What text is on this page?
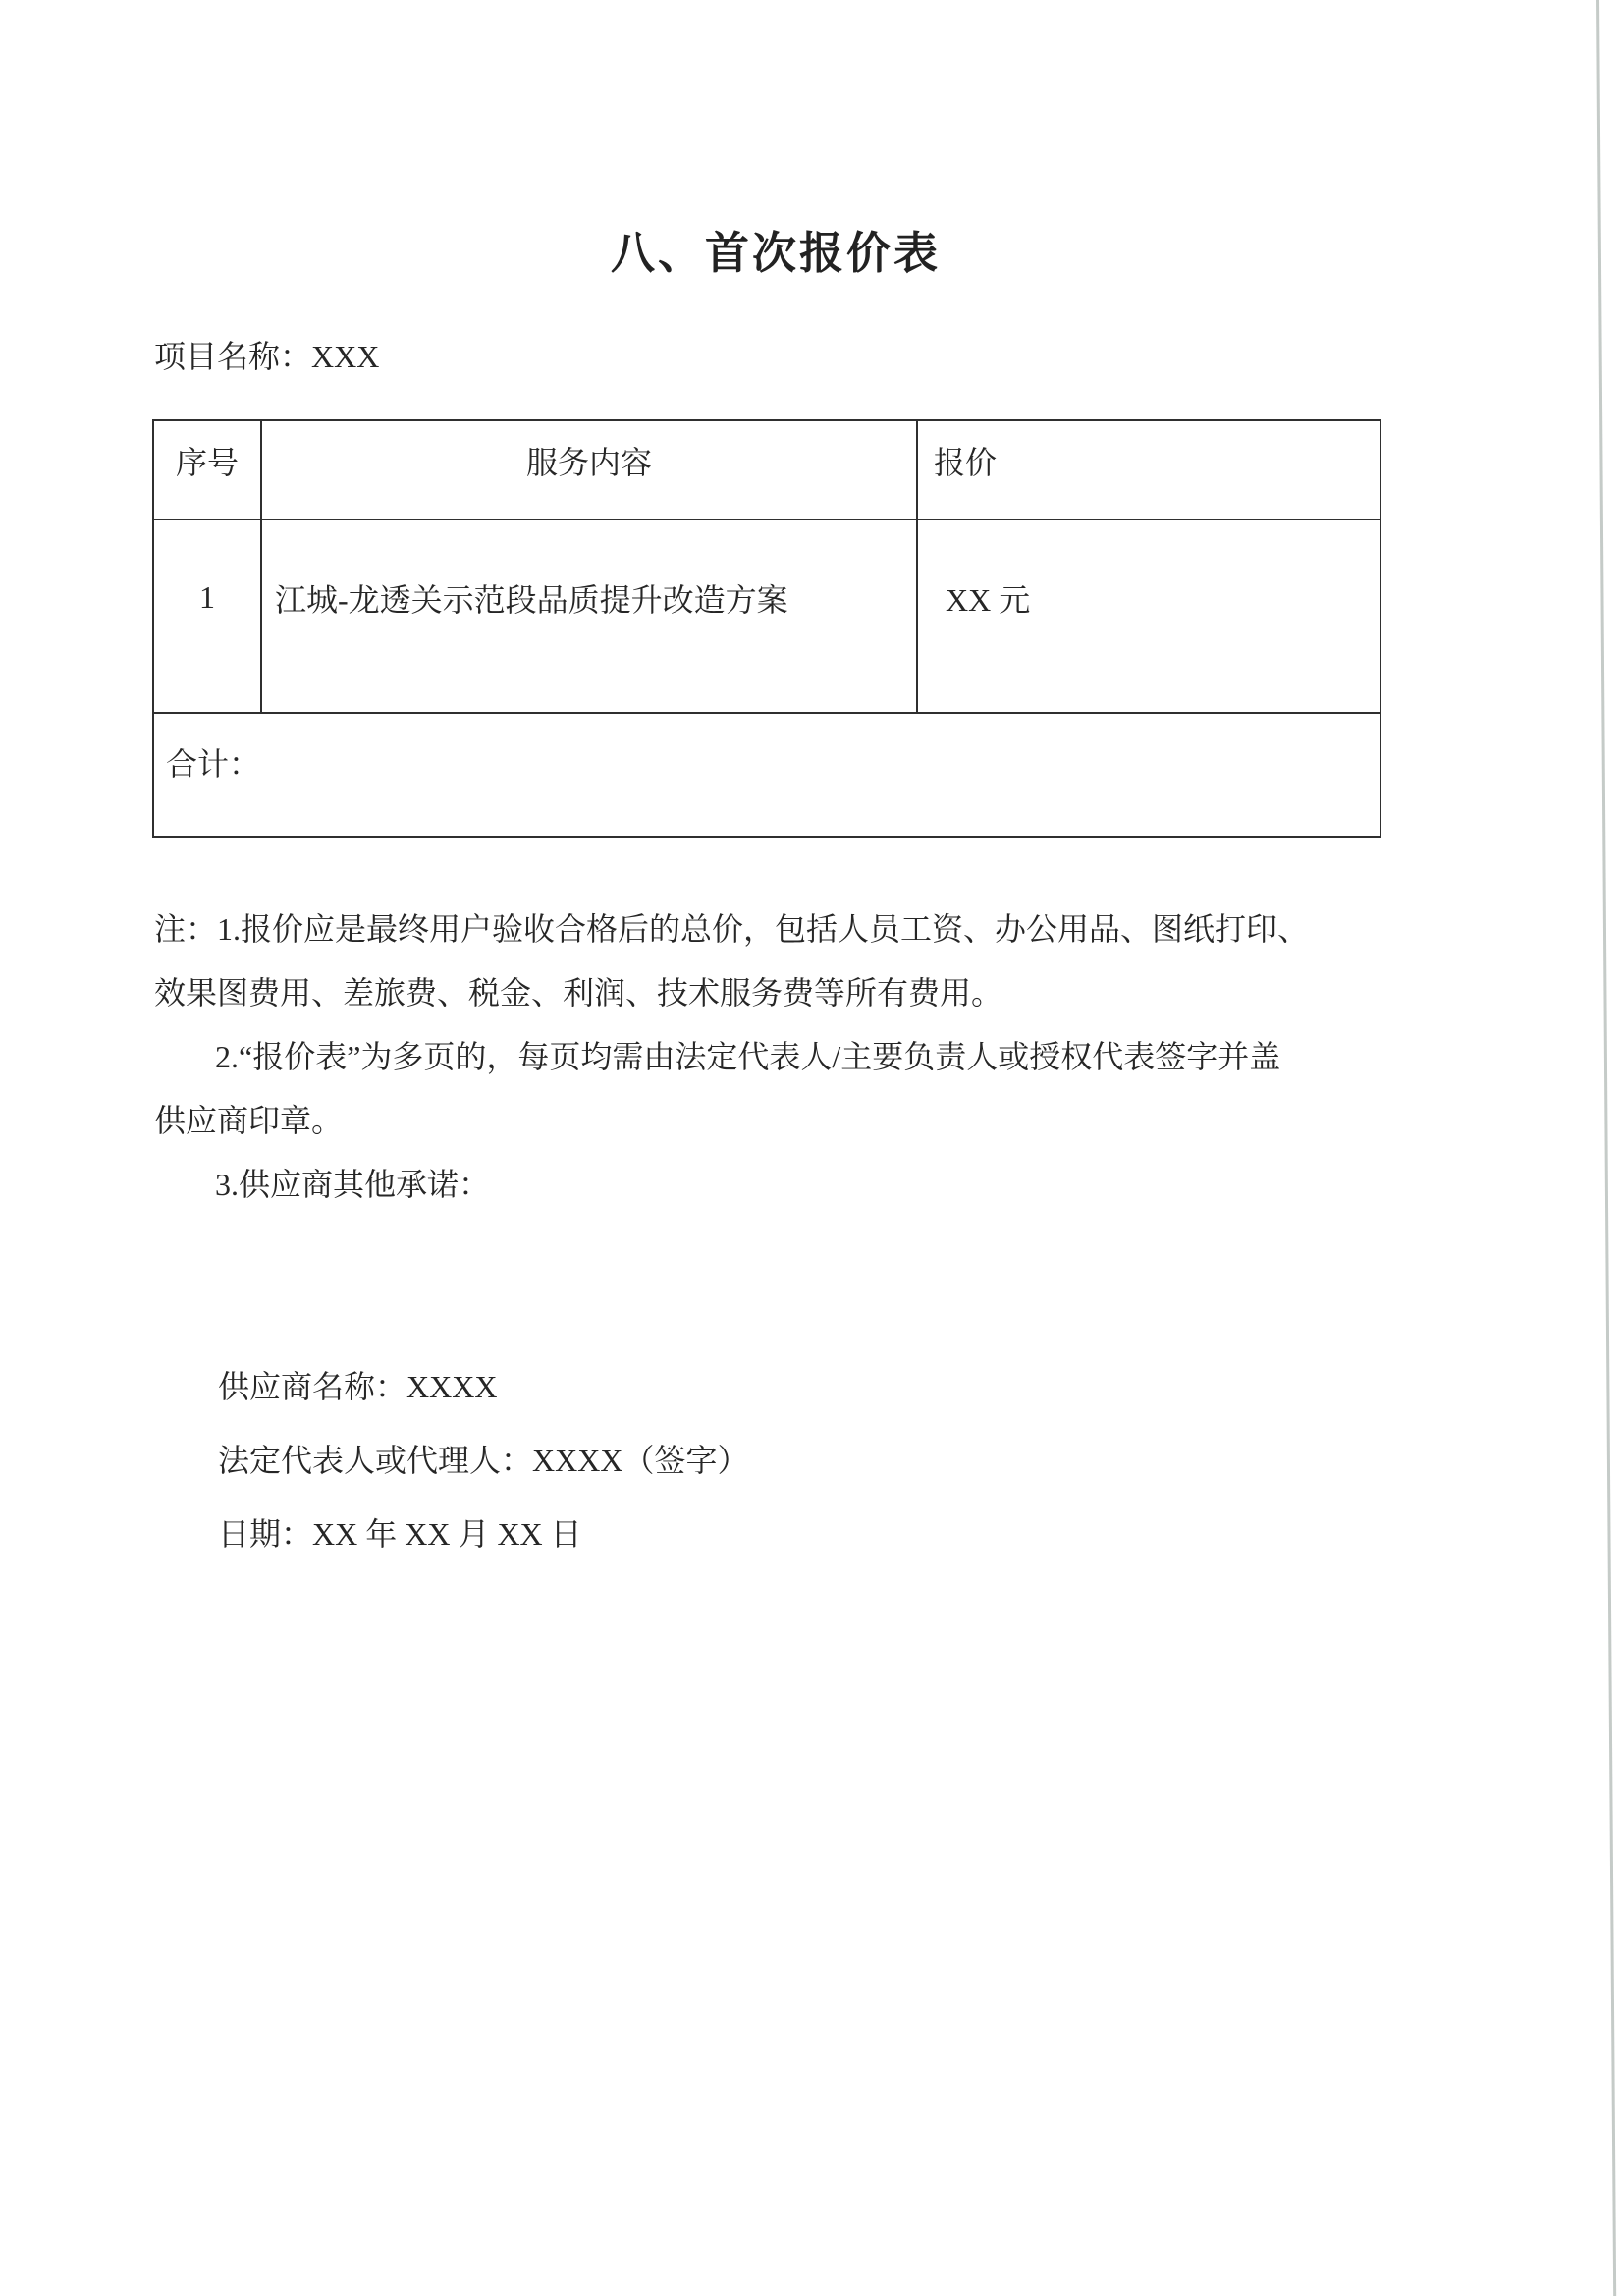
八、首次报价表
项目名称：XXX
序号	服务内容	报价
1	江城-龙透关示范段品质提升改造方案	XX 元
合计：		
注：1.报价应是最终用户验收合格后的总价，包括人员工资、办公用品、图纸打印、
效果图费用、差旅费、税金、利润、技术服务费等所有费用。
2.“报价表”为多页的，每页均需由法定代表人/主要负责人或授权代表签字并盖
供应商印章。
3.供应商其他承诺：
供应商名称：XXXX
法定代表人或代理人：XXXX（签字）
日期：XX 年 XX 月 XX 日
